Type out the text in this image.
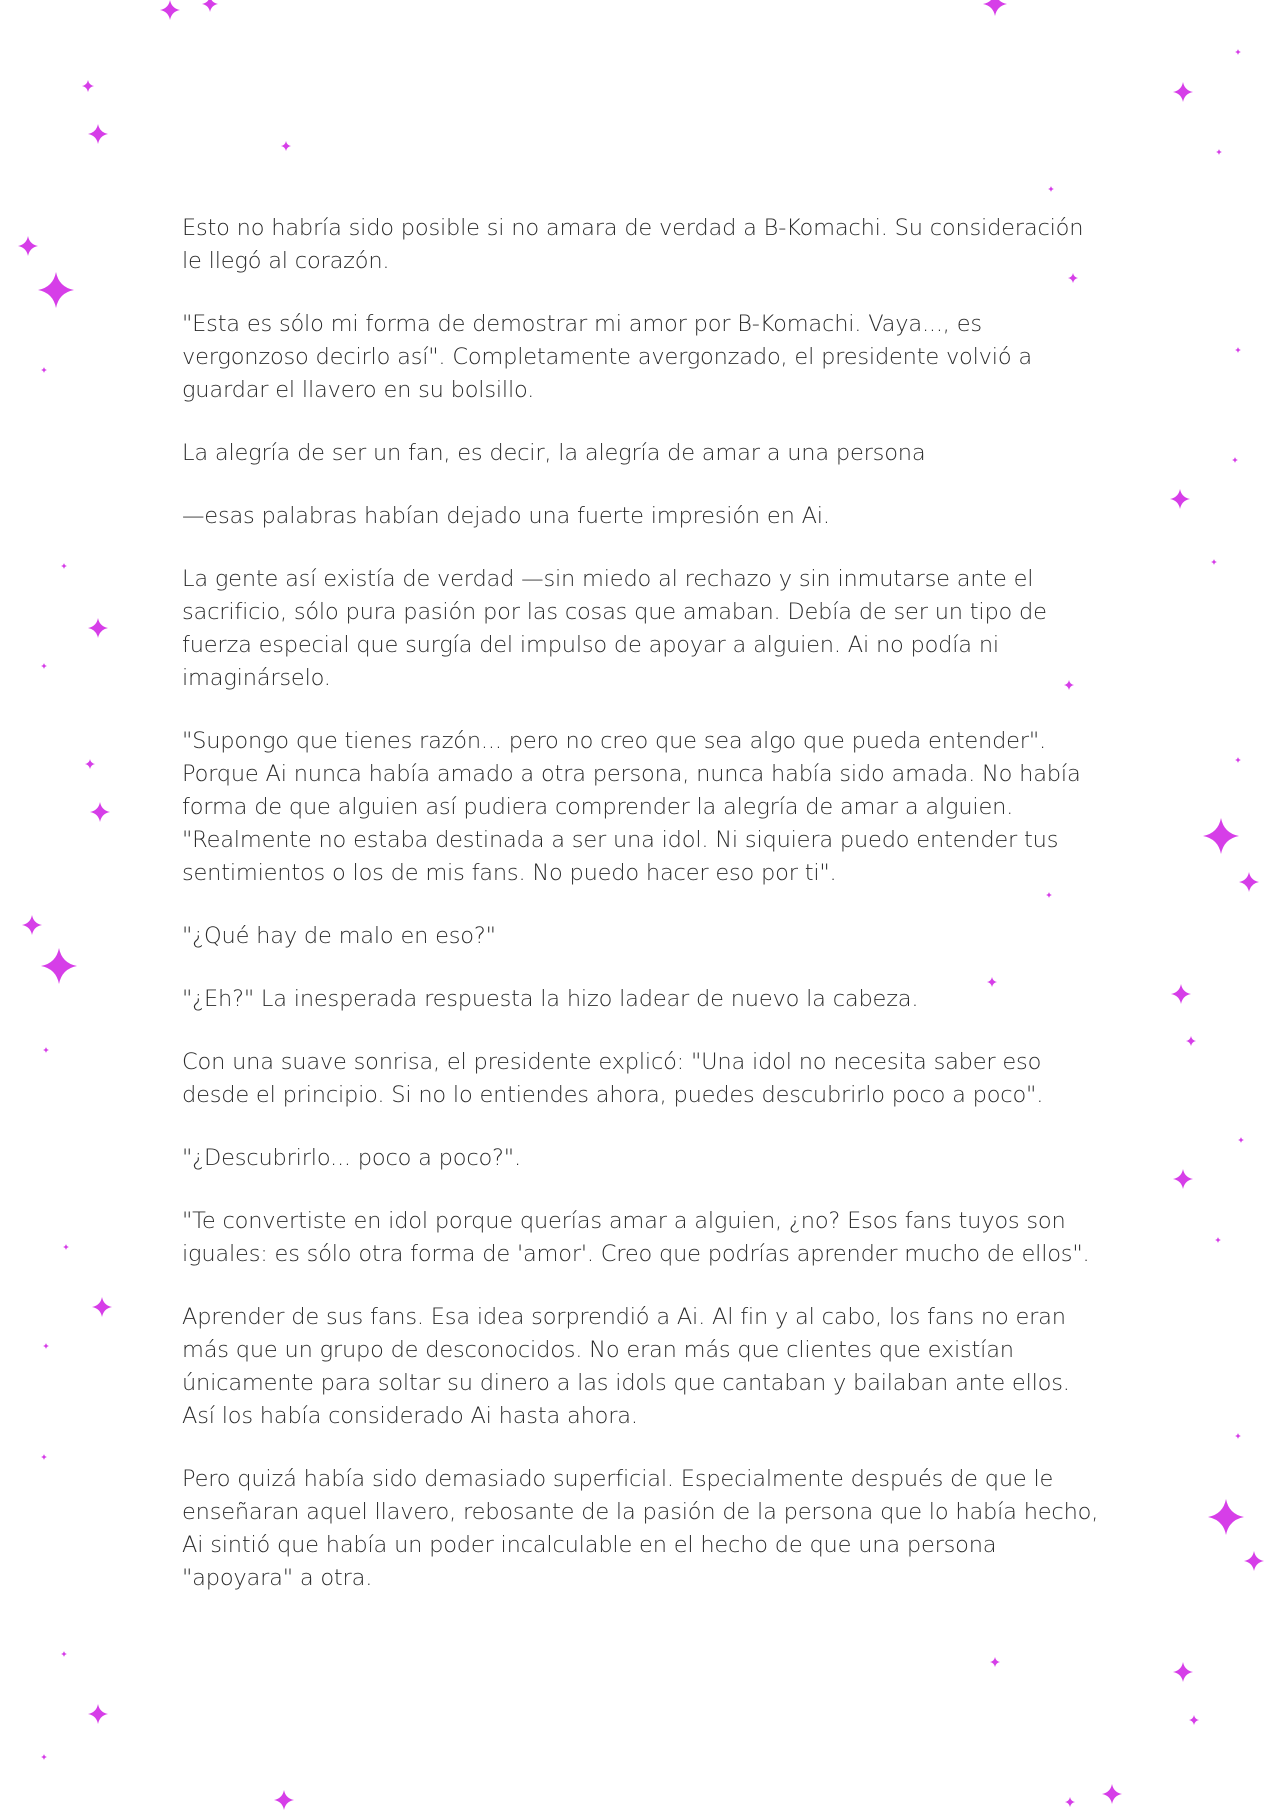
Esto no habría sido posible si no amara de verdad a B-Komachi. Su consideración le llegó al corazón.

"Esta es sólo mi forma de demostrar mi amor por B-Komachi. Vaya..., es vergonzoso decirlo así". Completamente avergonzado, el presidente volvió a guardar el llavero en su bolsillo.

La alegría de ser un fan, es decir, la alegría de amar a una persona

—esas palabras habían dejado una fuerte impresión en Ai.

La gente así existía de verdad —sin miedo al rechazo y sin inmutarse ante el sacrificio, sólo pura pasión por las cosas que amaban. Debía de ser un tipo de fuerza especial que surgía del impulso de apoyar a alguien. Ai no podía ni imaginárselo.

"Supongo que tienes razón... pero no creo que sea algo que pueda entender". Porque Ai nunca había amado a otra persona, nunca había sido amada. No había forma de que alguien así pudiera comprender la alegría de amar a alguien. "Realmente no estaba destinada a ser una idol. Ni siquiera puedo entender tus sentimientos o los de mis fans. No puedo hacer eso por ti".

"¿Qué hay de malo en eso?"

"¿Eh?" La inesperada respuesta la hizo ladear de nuevo la cabeza.

Con una suave sonrisa, el presidente explicó: "Una idol no necesita saber eso desde el principio. Si no lo entiendes ahora, puedes descubrirlo poco a poco".

"¿Descubrirlo... poco a poco?".

"Te convertiste en idol porque querías amar a alguien, ¿no? Esos fans tuyos son iguales: es sólo otra forma de 'amor'. Creo que podrías aprender mucho de ellos".

Aprender de sus fans. Esa idea sorprendió a Ai. Al fin y al cabo, los fans no eran más que un grupo de desconocidos. No eran más que clientes que existían únicamente para soltar su dinero a las idols que cantaban y bailaban ante ellos. Así los había considerado Ai hasta ahora.

Pero quizá había sido demasiado superficial. Especialmente después de que le enseñaran aquel llavero, rebosante de la pasión de la persona que lo había hecho, Ai sintió que había un poder incalculable en el hecho de que una persona "apoyara" a otra.
